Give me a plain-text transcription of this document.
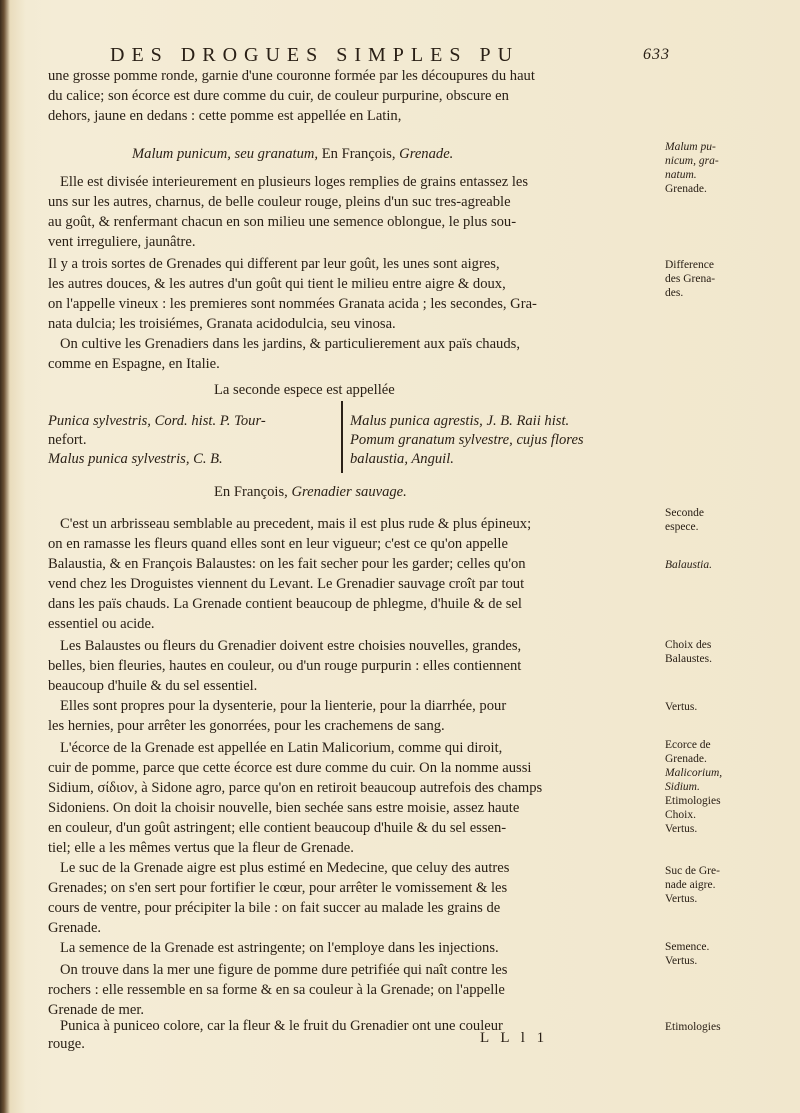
DES DROGUES SIMPLES PU	633
une grosse pomme ronde, garnie d'une couronne formée par les découpures du haut
du calice; son écorce est dure comme du cuir, de couleur purpurine, obscure en
dehors, jaune en dedans : cette pomme est appellée en Latin,
Malum punicum, seu granatum, En François, Grenade.
Elle est divisée interieurement en plusieurs loges remplies de grains entassez les
uns sur les autres, charnus, de belle couleur rouge, pleins d'un suc tres-agreable
au goût, & renfermant chacun en son milieu une semence oblongue, le plus sou-
vent irreguliere, jaunâtre.
Il y a trois sortes de Grenades qui different par leur goût, les unes sont aigres,
les autres douces, & les autres d'un goût qui tient le milieu entre aigre & doux,
on l'appelle vineux : les premieres sont nommées Granata acida ; les secondes, Gra-
nata dulcia; les troisiémes, Granata acidodulcia, seu vinosa.
On cultive les Grenadiers dans les jardins, & particulierement aux païs chauds,
comme en Espagne, en Italie.
La seconde espece est appellée
Punica sylvestris, Cord. hist. P. Tour-
nefort.
Malus punica sylvestris, C. B.
Malus punica agrestis, J. B. Raii hist.
Pomum granatum sylvestre, cujus flores
balaustia, Anguil.
En François, Grenadier sauvage.
C'est un arbrisseau semblable au precedent, mais il est plus rude & plus épineux;
on en ramasse les fleurs quand elles sont en leur vigueur; c'est ce qu'on appelle
Balaustia, & en François Balaustes: on les fait secher pour les garder; celles qu'on
vend chez les Droguistes viennent du Levant. Le Grenadier sauvage croît par tout
dans les païs chauds. La Grenade contient beaucoup de phlegme, d'huile & de sel
essentiel ou acide.
Les Balaustes ou fleurs du Grenadier doivent estre choisies nouvelles, grandes,
belles, bien fleuries, hautes en couleur, ou d'un rouge purpurin : elles contiennent
beaucoup d'huile & du sel essentiel.
Elles sont propres pour la dysenterie, pour la lienterie, pour la diarrhée, pour
les hernies, pour arrêter les gonorrées, pour les crachemens de sang.
L'écorce de la Grenade est appellée en Latin Malicorium, comme qui diroit,
cuir de pomme, parce que cette écorce est dure comme du cuir. On la nomme aussi
Sidium, σίδιον, à Sidone agro, parce qu'on en retiroit beaucoup autrefois des champs
Sidoniens. On doit la choisir nouvelle, bien sechée sans estre moisie, assez haute
en couleur, d'un goût astringent; elle contient beaucoup d'huile & du sel essen-
tiel; elle a les mêmes vertus que la fleur de Grenade.
Le suc de la Grenade aigre est plus estimé en Medecine, que celuy des autres
Grenades; on s'en sert pour fortifier le cœur, pour arrêter le vomissement & les
cours de ventre, pour précipiter la bile : on fait succer au malade les grains de
Grenade.
La semence de la Grenade est astringente; on l'employe dans les injections.
On trouve dans la mer une figure de pomme dure petrifiée qui naît contre les
rochers : elle ressemble en sa forme & en sa couleur à la Grenade; on l'appelle
Grenade de mer.
Punica à puniceo colore, car la fleur & le fruit du Grenadier ont une couleur
rouge.	L L l 1
Malum pu-
nicum, gra-
natum.
Grenade.
Difference
des Grena-
des.
Seconde
espece.
Balaustia.
Choix des
Balaustes.
Vertus.
Ecorce de
Grenade.
Malicorium,
Sidium.
Etimologies
Choix.
Vertus.
Suc de Gre-
nade aigre.
Vertus.
Semence.
Vertus.
Etimologies
